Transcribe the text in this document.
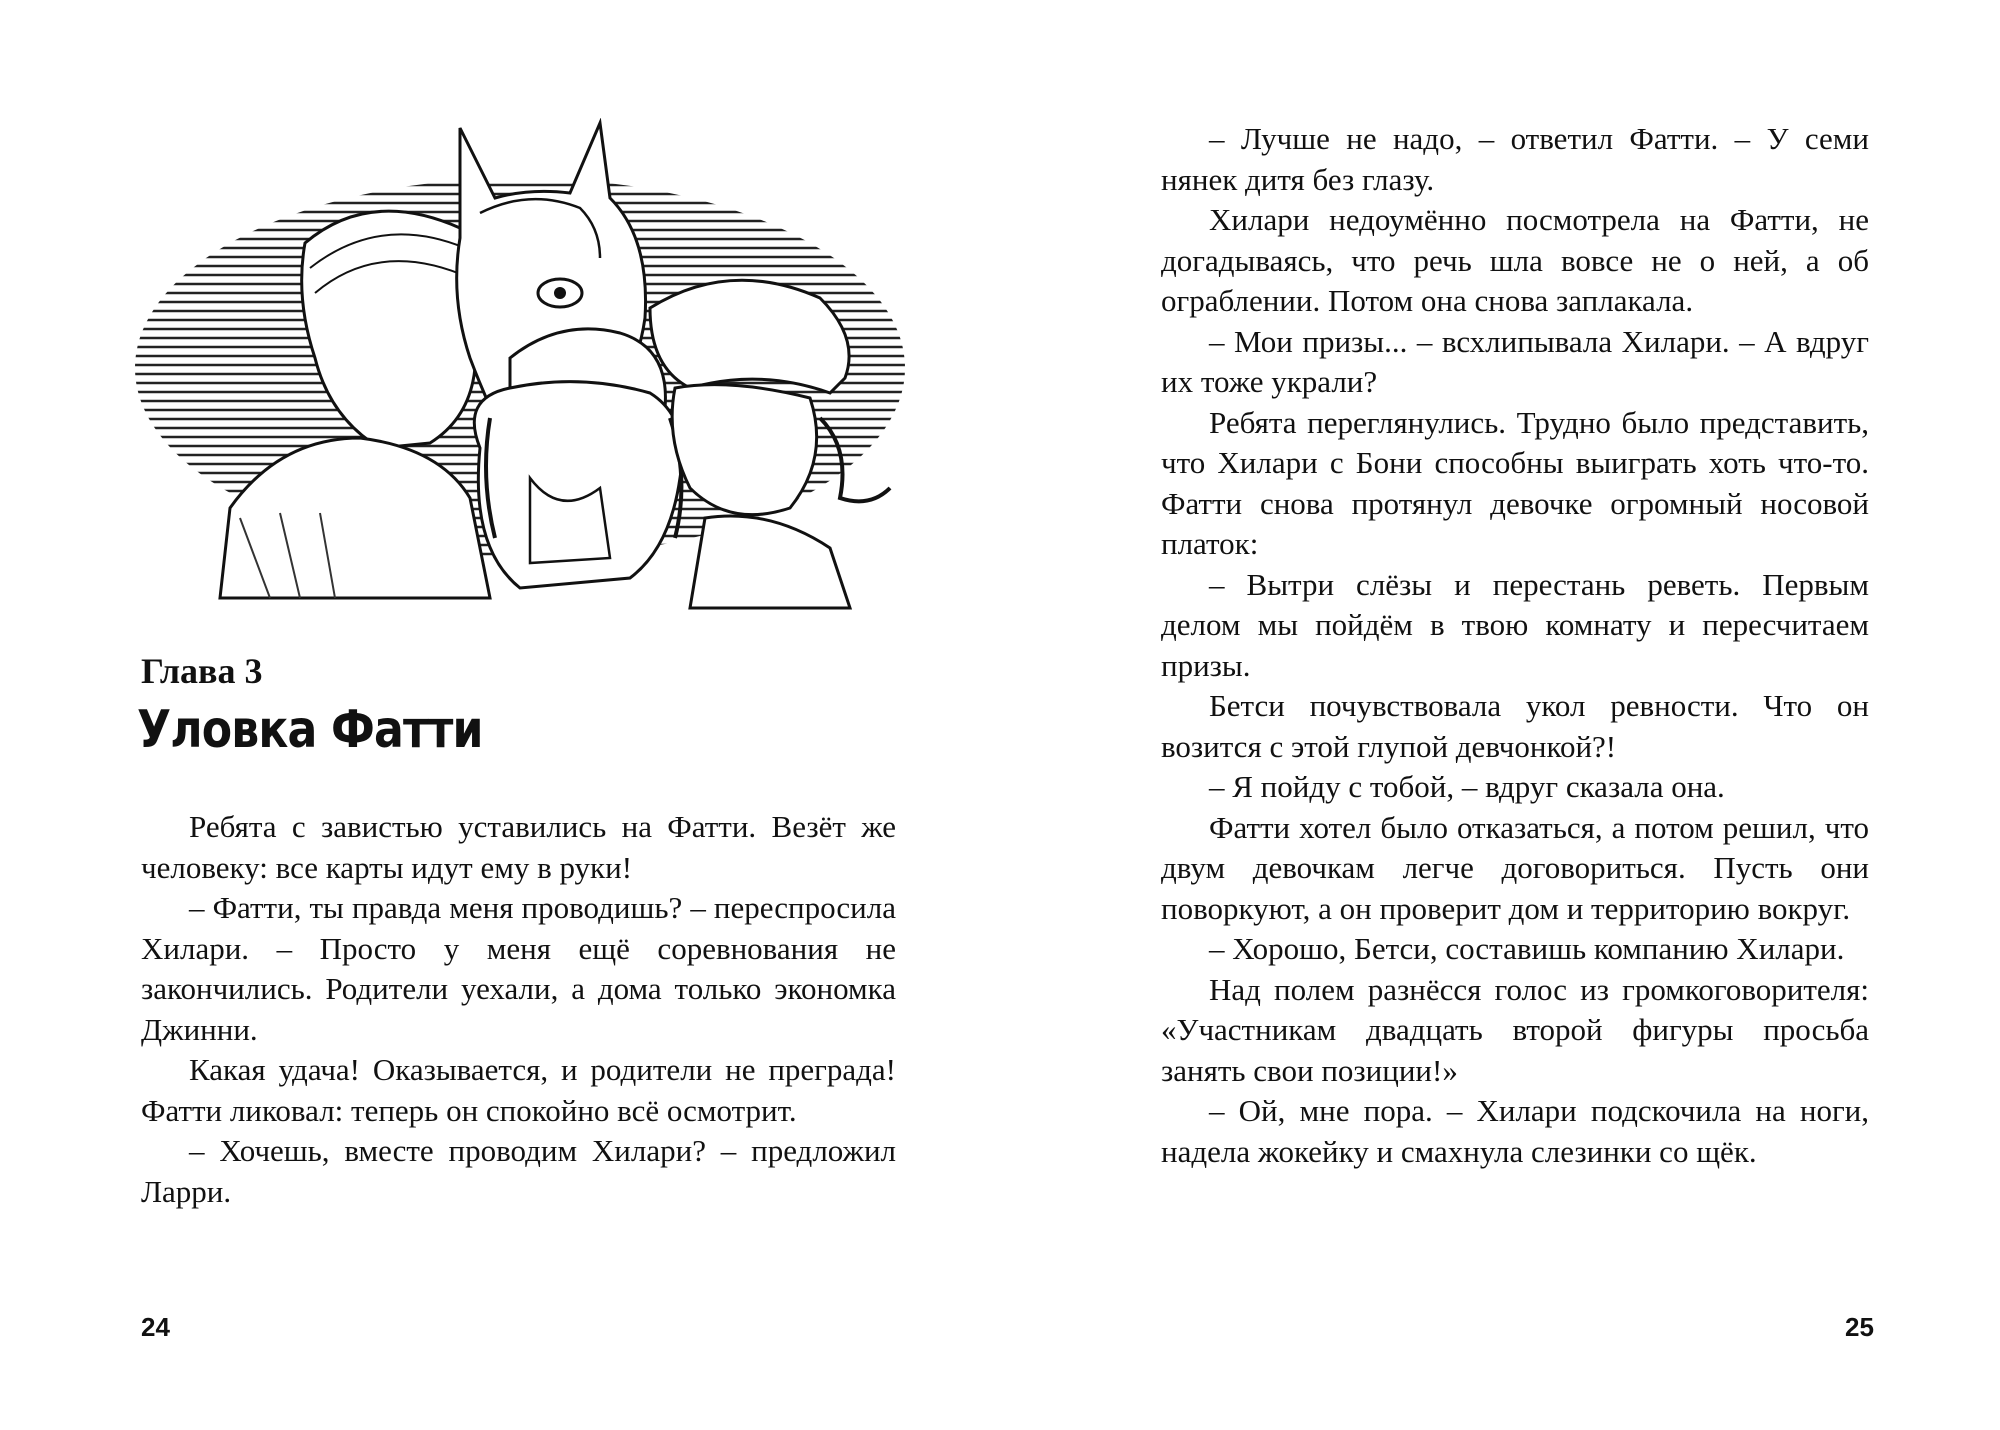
Глава 3
Уловка Фатти

Ребята с завистью уставились на Фатти. Везёт же человеку: все карты идут ему в руки!

– Фатти, ты правда меня проводишь? – переспросила Хилари. – Просто у меня ещё соревнования не закончились. Родители уехали, а дома только экономка Джинни.

Какая удача! Оказывается, и родители не преграда! Фатти ликовал: теперь он спокойно всё осмотрит.

– Хочешь, вместе проводим Хилари? – предложил Ларри.

24

– Лучше не надо, – ответил Фатти. – У семи нянек дитя без глазу.

Хилари недоумённо посмотрела на Фатти, не догадываясь, что речь шла вовсе не о ней, а об ограблении. Потом она снова заплакала.

– Мои призы... – всхлипывала Хилари. – А вдруг их тоже украли?

Ребята переглянулись. Трудно было представить, что Хилари с Бони способны выиграть хоть что-то. Фатти снова протянул девочке огромный носовой платок:

– Вытри слёзы и перестань реветь. Первым делом мы пойдём в твою комнату и пересчитаем призы.

Бетси почувствовала укол ревности. Что он возится с этой глупой девчонкой?!

– Я пойду с тобой, – вдруг сказала она.

Фатти хотел было отказаться, а потом решил, что двум девочкам легче договориться. Пусть они поворкуют, а он проверит дом и территорию вокруг.

– Хорошо, Бетси, составишь компанию Хилари.

Над полем разнёсся голос из громкоговорителя: «Участникам двадцать второй фигуры просьба занять свои позиции!»

– Ой, мне пора. – Хилари подскочила на ноги, надела жокейку и смахнула слезинки со щёк.

25
